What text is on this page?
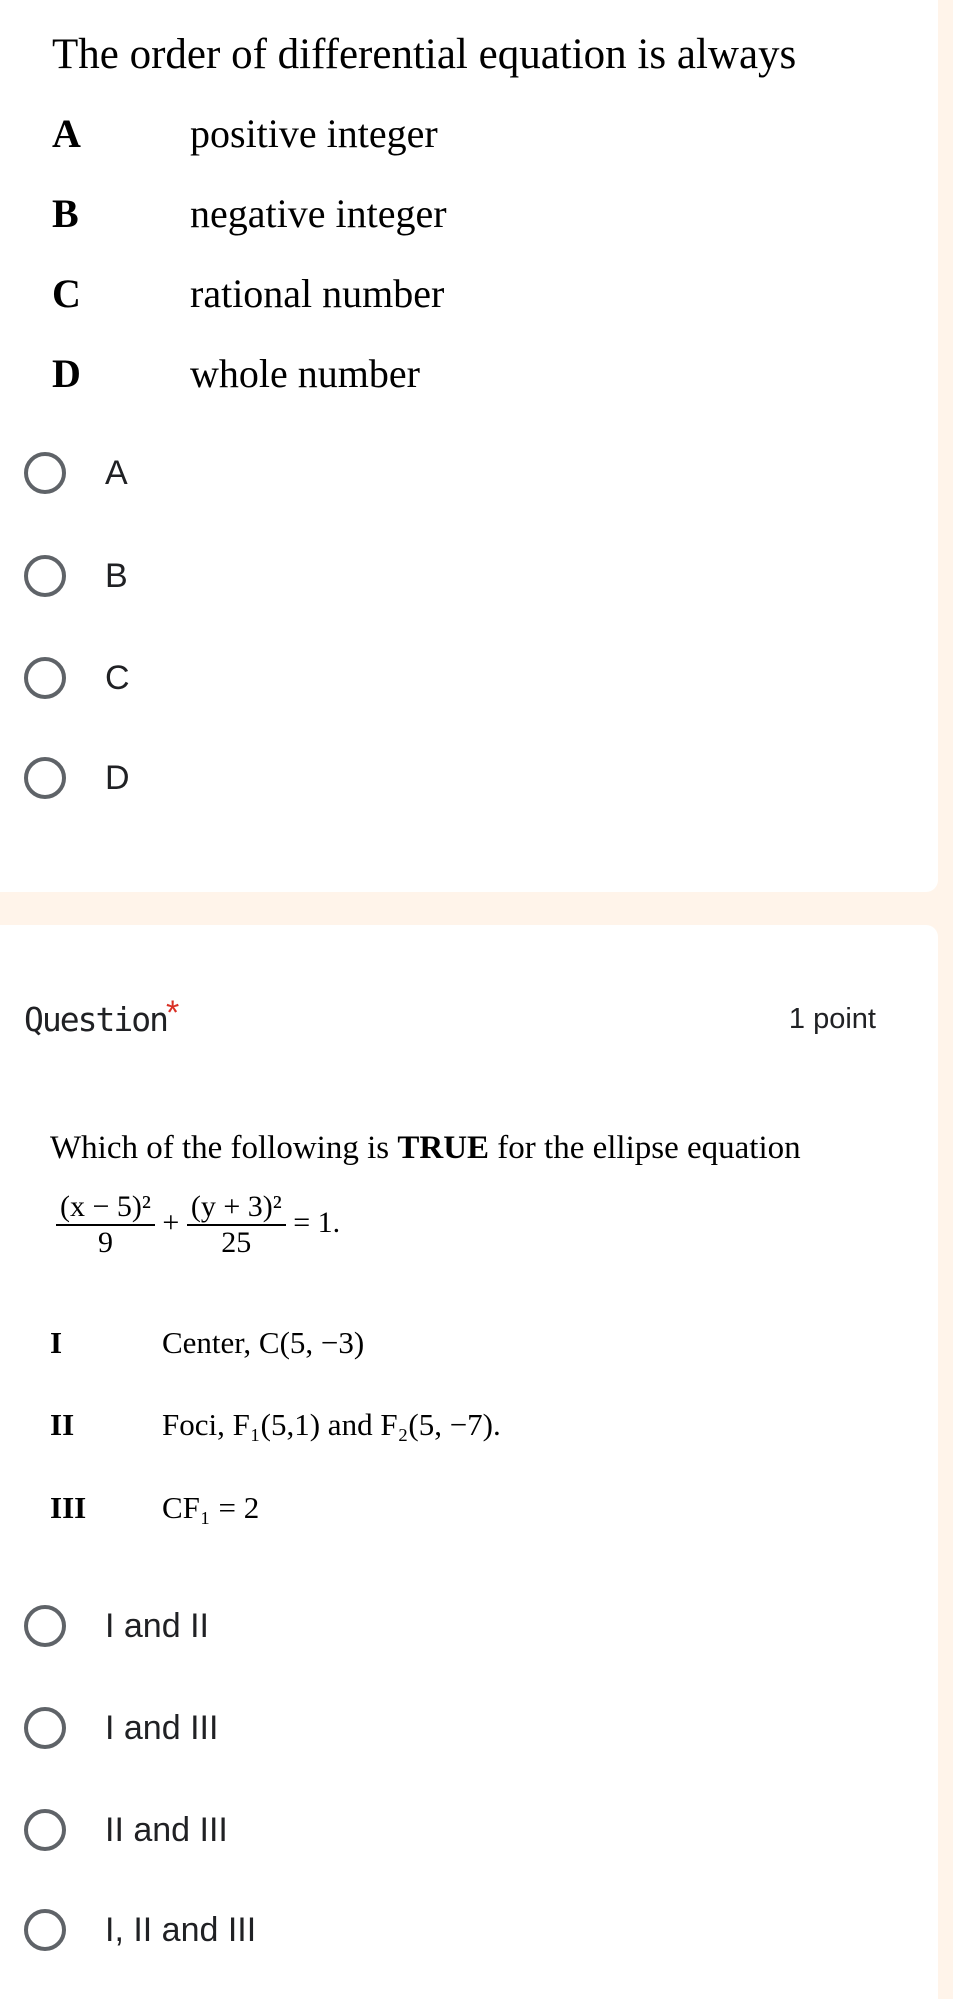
The order of differential equation is always
A	positive integer
B	negative integer
C	rational number
D	whole number
A
B
C
D
Question *	1 point
Which of the following is TRUE for the ellipse equation
$\frac{\text{(x − 5)²}}{9} + \frac{\text{(y + 3)²}}{25} = 1$.
I	Center, C(5, −3)
II	Foci, F₁(5,1) and F₂(5, −7).
III CF₁ = 2
I and II
I and III
II and III
I, II and III
